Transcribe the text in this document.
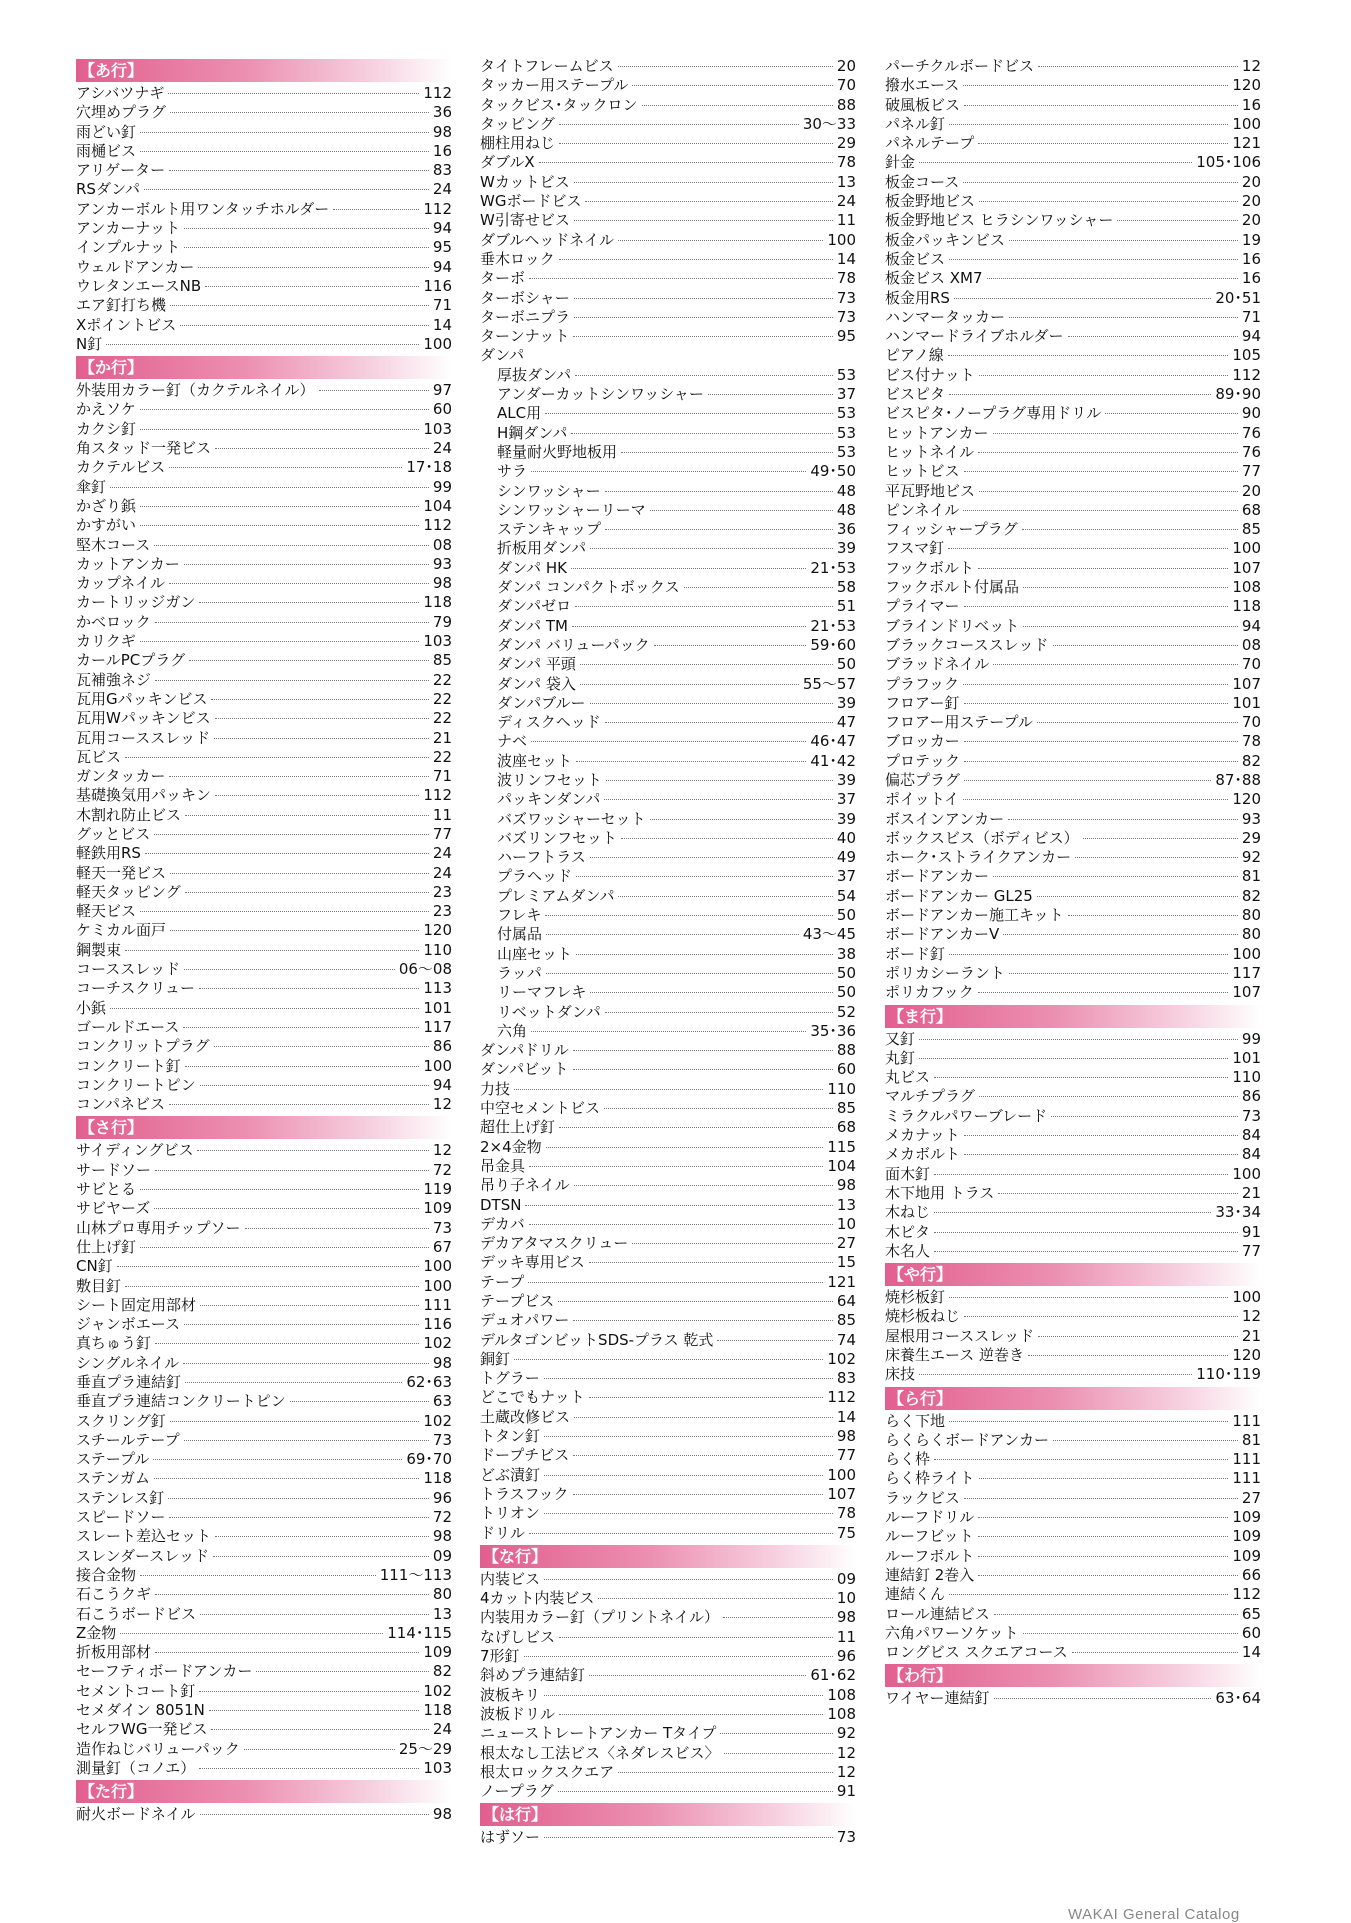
【あ行】
アシバツナギ	112
穴埋めプラグ	36
雨どい釘	98
雨樋ビス	16
アリゲーター	83
RSダンパ	24
アンカーボルト用ワンタッチホルダー	112
アンカーナット	94
インプルナット	95
ウェルドアンカー	94
ウレタンエースNB	116
エア釘打ち機	71
Xポイントビス	14
N釘	100
【か行】
外装用カラー釘（カクテルネイル）	97
かえソケ	60
カクシ釘	103
角スタッド一発ビス	24
カクテルビス	17･18
傘釘	99
かざり鋲	104
かすがい	112
堅木コース	08
カットアンカー	93
カップネイル	98
カートリッジガン	118
かべロック	79
カリクギ	103
カールPCプラグ	85
瓦補強ネジ	22
瓦用Gパッキンビス	22
瓦用Wパッキンビス	22
瓦用コーススレッド	21
瓦ビス	22
ガンタッカー	71
基礎換気用パッキン	112
木割れ防止ビス	11
グッとビス	77
軽鉄用RS	24
軽天一発ビス	24
軽天タッピング	23
軽天ビス	23
ケミカル面戸	120
鋼製束	110
コーススレッド	06～08
コーチスクリュー	113
小鋲	101
ゴールドエース	117
コンクリットプラグ	86
コンクリート釘	100
コンクリートピン	94
コンパネビス	12
【さ行】
サイディングビス	12
サードソー	72
サビとる	119
サビヤーズ	109
山林プロ専用チップソー	73
仕上げ釘	67
CN釘	100
敷目釘	100
シート固定用部材	111
ジャンボエース	116
真ちゅう釘	102
シングルネイル	98
垂直プラ連結釘	62･63
垂直プラ連結コンクリートピン	63
スクリング釘	102
スチールテープ	73
ステープル	69･70
ステンガム	118
ステンレス釘	96
スピードソー	72
スレート差込セット	98
スレンダースレッド	09
接合金物	111～113
石こうクギ	80
石こうボードビス	13
Z金物	114･115
折板用部材	109
セーフティボードアンカー	82
セメントコート釘	102
セメダイン 8051N	118
セルフWG一発ビス	24
造作ねじバリューパック	25～29
測量釘（コノエ）	103
【た行】
耐火ボードネイル	98
タイトフレームビス	20
タッカー用ステープル	70
タックビス･タックロン	88
タッピング	30～33
棚柱用ねじ	29
ダブルX	78
Wカットビス	13
WGボードビス	24
W引寄せビス	11
ダブルヘッドネイル	100
垂木ロック	14
ターボ	78
ターボシャー	73
ターボニプラ	73
ターンナット	95
ダンパ
厚抜ダンパ	53
アンダーカットシンワッシャー	37
ALC用	53
H鋼ダンパ	53
軽量耐火野地板用	53
サラ	49･50
シンワッシャー	48
シンワッシャーリーマ	48
ステンキャップ	36
折板用ダンパ	39
ダンパ HK	21･53
ダンパ コンパクトボックス	58
ダンパゼロ	51
ダンパ TM	21･53
ダンパ バリューパック	59･60
ダンパ 平頭	50
ダンパ 袋入	55～57
ダンパブルー	39
ディスクヘッド	47
ナベ	46･47
波座セット	41･42
波リンフセット	39
パッキンダンパ	37
バズワッシャーセット	39
バズリンフセット	40
ハーフトラス	49
プラヘッド	37
プレミアムダンパ	54
フレキ	50
付属品	43～45
山座セット	38
ラッパ	50
リーマフレキ	50
リベットダンパ	52
六角	35･36
ダンパドリル	88
ダンパビット	60
力技	110
中空セメントビス	85
超仕上げ釘	68
2×4金物	115
吊金具	104
吊り子ネイル	98
DTSN	13
デカバ	10
デカアタマスクリュー	27
デッキ専用ビス	15
テープ	121
テープビス	64
デュオパワー	85
デルタゴンビットSDS-プラス 乾式	74
銅釘	102
トグラー	83
どこでもナット	112
土蔵改修ビス	14
トタン釘	98
ドープチビス	77
どぶ漬釘	100
トラスフック	107
トリオン	78
ドリル	75
【な行】
内装ビス	09
4カット内装ビス	10
内装用カラー釘（プリントネイル）	98
なげしビス	11
7形釘	96
斜めプラ連結釘	61･62
波板キリ	108
波板ドリル	108
ニューストレートアンカー Tタイプ	92
根太なし工法ビス〈ネダレスビス〉	12
根太ロックスクエア	12
ノープラグ	91
【は行】
はずソー	73
パーチクルボードビス	12
撥水エース	120
破風板ビス	16
パネル釘	100
パネルテープ	121
針金	105･106
板金コース	20
板金野地ビス	20
板金野地ビス ヒラシンワッシャー	20
板金パッキンビス	19
板金ビス	16
板金ビス XM7	16
板金用RS	20･51
ハンマータッカー	71
ハンマードライブホルダー	94
ピアノ線	105
ビス付ナット	112
ビスピタ	89･90
ビスピタ･ノープラグ専用ドリル	90
ヒットアンカー	76
ヒットネイル	76
ヒットビス	77
平瓦野地ビス	20
ピンネイル	68
フィッシャープラグ	85
フスマ釘	100
フックボルト	107
フックボルト付属品	108
プライマー	118
ブラインドリベット	94
ブラックコーススレッド	08
ブラッドネイル	70
プラフック	107
フロアー釘	101
フロアー用ステープル	70
ブロッカー	78
プロテック	82
偏芯プラグ	87･88
ポイットイ	120
ボスインアンカー	93
ボックスビス（ボディビス）	29
ホーク･ストライクアンカー	92
ボードアンカー	81
ボードアンカー GL25	82
ボードアンカー施工キット	80
ボードアンカーV	80
ボード釘	100
ポリカシーラント	117
ポリカフック	107
【ま行】
又釘	99
丸釘	101
丸ビス	110
マルチプラグ	86
ミラクルパワーブレード	73
メカナット	84
メカボルト	84
面木釘	100
木下地用 トラス	21
木ねじ	33･34
木ピタ	91
木名人	77
【や行】
焼杉板釘	100
焼杉板ねじ	12
屋根用コーススレッド	21
床養生エース 逆巻き	120
床技	110･119
【ら行】
らく下地	111
らくらくボードアンカー	81
らく枠	111
らく枠ライト	111
ラックビス	27
ルーフドリル	109
ルーフビット	109
ルーフボルト	109
連結釘 2巻入	66
連結くん	112
ロール連結ビス	65
六角パワーソケット	60
ロングビス スクエアコース	14
【わ行】
ワイヤー連結釘	63･64
WAKAI General Catalog
